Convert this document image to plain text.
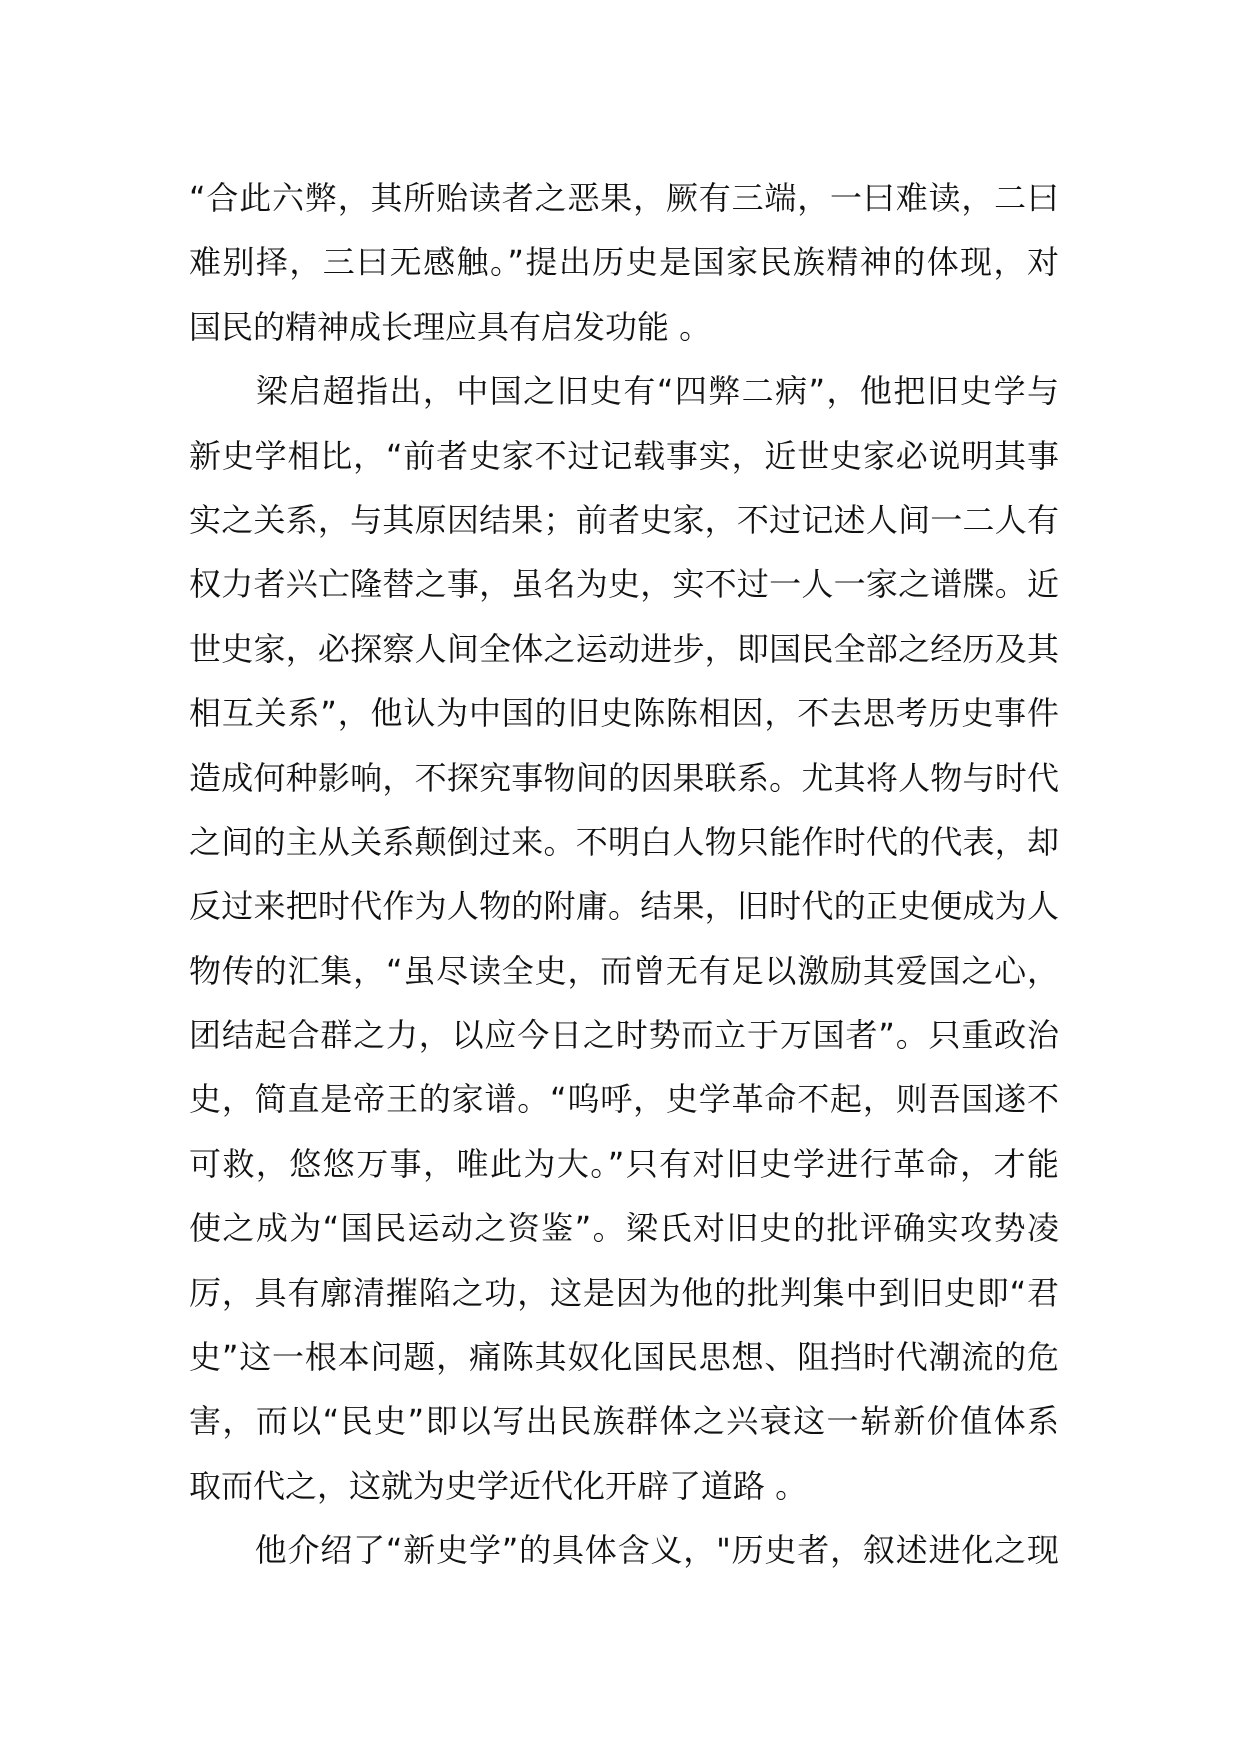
“合此六弊，其所贻读者之恶果，厥有三端，一曰难读，二曰
难别择，三曰无感触。”提出历史是国家民族精神的体现，对
国民的精神成长理应具有启发功能 。
　　梁启超指出，中国之旧史有“四弊二病”，他把旧史学与
新史学相比，“前者史家不过记载事实，近世史家必说明其事
实之关系，与其原因结果；前者史家，不过记述人间一二人有
权力者兴亡隆替之事，虽名为史，实不过一人一家之谱牒。近
世史家，必探察人间全体之运动进步，即国民全部之经历及其
相互关系”，他认为中国的旧史陈陈相因，不去思考历史事件
造成何种影响，不探究事物间的因果联系。尤其将人物与时代
之间的主从关系颠倒过来。不明白人物只能作时代的代表，却
反过来把时代作为人物的附庸。结果，旧时代的正史便成为人
物传的汇集，“虽尽读全史，而曾无有足以激励其爱国之心，
团结起合群之力，以应今日之时势而立于万国者”。只重政治
史，简直是帝王的家谱。“呜呼，史学革命不起，则吾国遂不
可救，悠悠万事，唯此为大。”只有对旧史学进行革命，才能
使之成为“国民运动之资鉴”。梁氏对旧史的批评确实攻势凌
厉，具有廓清摧陷之功，这是因为他的批判集中到旧史即“君
史”这一根本问题，痛陈其奴化国民思想、阻挡时代潮流的危
害，而以“民史”即以写出民族群体之兴衰这一崭新价值体系
取而代之，这就为史学近代化开辟了道路 。
　　他介绍了“新史学”的具体含义，"历史者，叙述进化之现
